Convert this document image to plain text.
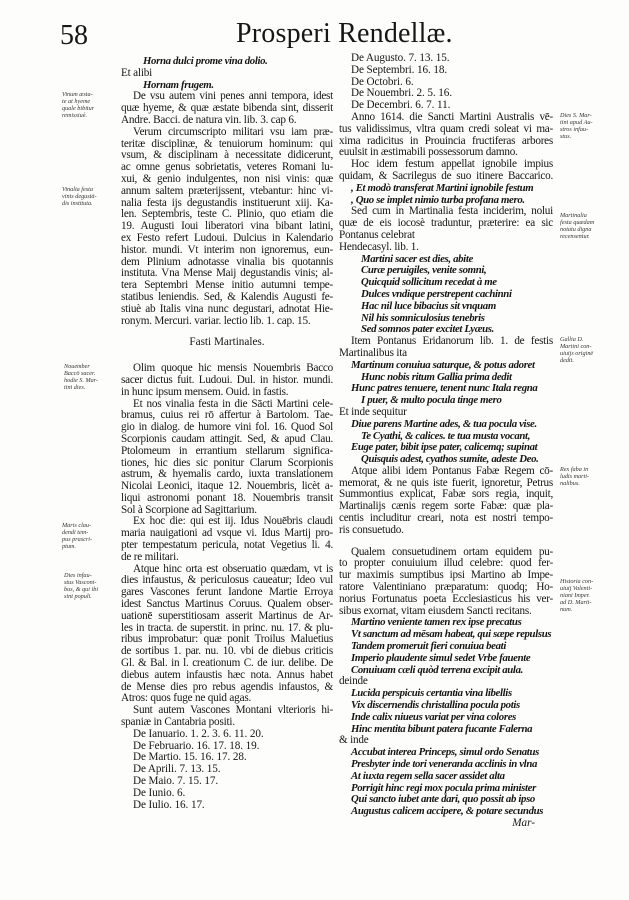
58	Prosperi Rendellæ.
Horna dulci prome vina dolio.
Et alibi
Hornam frugem.
De vsu autem vini penes anni tempora, idest
quæ hyeme, & quæ æstate bibenda sint, disserit
Andre. Bacci. de natura vin. lib. 3. cap 6.
Verum circumscripto militari vsu iam præ-
teritæ disciplinæ, & tenuiorum hominum: qui
vsum, & disciplinam à necessitate didicerunt,
ac omne genus sobrietatis, veteres Romani lu-
xui, & genio indulgentes, non nisi vinis: quæ
annum saltem præterijssent, vtebantur: hinc vi-
nalia festa ijs degustandis instituerunt xiij. Ka-
len. Septembris, teste C. Plinio, quo etiam die
19. Augusti Ioui liberatori vina bibant latini,
ex Festo refert Ludoui. Dulcius in Kalendario
histor. mundi. Vt interim non ignoremus, eun-
dem Plinium adnotasse vinalia bis quotannis
instituta. Vna Mense Maij degustandis vinis; al-
tera Septembri Mense initio autumni tempe-
statibus leniendis. Sed, & Kalendis Augusti fe-
stiuè ab Italis vina nunc degustari, adnotat Hie-
ronym. Mercuri. variar. lectio lib. 1. cap. 15.
Fasti Martinales.
Olim quoque hic mensis Nouembris Bacco
sacer dictus fuit. Ludoui. Dul. in histor. mundi.
in hunc ipsum mensem. Ouid. in fastis.
Et nos vinalia festa in die Sācti Martini cele-
bramus, cuius rei rō affertur à Bartolom. Tae-
gio in dialog. de humore vini fol. 16. Quod Sol
Scorpionis caudam attingit. Sed, & apud Clau.
Ptolomeum in errantium stellarum significa-
tiones, hic dies sic ponitur Clarum Scorpionis
astrum, & hyemalis cardo, iuxta translationem
Nicolai Leonici, itaque 12. Nouembris, licèt a-
liqui astronomi ponant 18. Nouembris transit
Sol à Scorpione ad Sagittarium.
Ex hoc die: qui est iij. Idus Nouēbris claudi
maria nauigationi ad vsque vi. Idus Martij pro-
pter tempestatum pericula, notat Vegetius li. 4.
de re militari.
Atque hinc orta est obseruatio quædam, vt is
dies infaustus, & periculosus caueatur; Ideo vul
gares Vascones ferunt Iandone Martie Erroya
idest Sanctus Martinus Coruus. Qualem obser-
uationē superstitiosam asserit Martinus de Ar-
les in tracta. de superstit. in princ. nu. 17. & plu-
ribus improbatur: quæ ponit Troilus Maluetius
de sortibus 1. par. nu. 10. vbi de diebus criticis
Gl. & Bal. in l. creationum C. de iur. delibe. De
diebus autem infaustis hæc nota. Annus habet
de Mense dies pro rebus agendis infaustos, &
Atros: quos fuge ne quid agas.
Sunt autem Vascones Montani vlterioris hi-
spaniæ in Cantabria positi.
De Ianuario. 1. 2. 3. 6. 11. 20.
De Februario. 16. 17. 18. 19.
De Martio. 15. 16. 17. 28.
De Aprili. 7. 13. 15.
De Maio. 7. 15. 17.
De Iunio. 6.
De Iulio. 16. 17.
De Augusto. 7. 13. 15.
De Septembri. 16. 18.
De Octobri. 6.
De Nouembri. 2. 5. 16.
De Decembri. 6. 7. 11.
Anno 1614. die Sancti Martini Australis vē-
tus validissimus, vltra quam credi soleat vi ma-
xima radicitus in Prouincia fructiferas arbores
euulsit in æstimabili possessorum damno.
Hoc idem festum appellat ignobile impius
quidam, & Sacrilegus de suo itinere Baccarico.
, Et modò transferat Martini ignobile festum
, Quo se implet nimio turba profana mero.
Sed cum in Martinalia festa inciderim, nolui
quæ de eis iocosè traduntur, præterire: ea sic
Pontanus celebrat
Hendecasyl. lib. 1.
Martini sacer est dies, abite
Curæ peruigiles, venite somni,
Quicquid sollicitum recedat à me
Dulces vndique perstrepent cachinni
Hac nil luce bibacius sit vnquam
Nil his somniculosius tenebris
Sed somnos pater excitet Lyæus.
Item Pontanus Eridanorum lib. 1. de festis
Martinalibus ita
Martinum conuiua saturque, & potus adoret
Hunc nobis ritum Gallia prima dedit
Hunc patres tenuere, tenent nunc Itala regna
I puer, & multo pocula tinge mero
Et inde sequitur
Diue parens Martine ades, & tua pocula vise.
Te Cyathi, & calices. te tua musta vocant,
Euge pater, bibit ipse pater, calicemq; supinat
Quisquis adest, cyathos sumite, adeste Deo.
Atque alibi idem Pontanus Fabæ Regem cō-
memorat, & ne quis iste fuerit, ignoretur, Petrus
Summontius explicat, Fabæ sors regia, inquit,
Martinalijs cænis regem sorte Fabæ: quæ pla-
centis includitur creari, nota est nostri tempo-
ris consuetudo.
Qualem consuetudinem ortam equidem pu-
to propter conuiuium illud celebre: quod fer-
tur maximis sumptibus ipsi Martino ab Impe-
ratore Valentiniano præparatum: quodq; Ho-
norius Fortunatus poeta Ecclesiasticus his ver-
sibus exornat, vitam eiusdem Sancti recitans.
Martino veniente tamen rex ipse precatus
Vt sanctum ad mēsam habeat, qui sæpe repulsus
Tandem promeruit fieri conuiua beati
Imperio plaudente simul sedet Vrbe fauente
Conuiuam cæli quòd terrena excipit aula.
deinde
Lucida perspicuis certantia vina libellis
Vix discernendis christallina pocula potis
Inde calix niueus variat per vina colores
Hinc mentita bibunt patera fucante Falerna
& inde
Accubat interea Princeps, simul ordo Senatus
Presbyter inde tori veneranda acclinis in vlna
At iuxta regem sella sacer assidet alta
Porrigit hinc regi mox pocula prima minister
Qui sancto iubet ante dari, quo possit ab ipso
Augustus calicem accipere, & potare secundus
Mar-
Vinum æsta-
te at hyeme
quale bibitur
remissiuè.
Vinalia festa
vinis degustā-
dis instituta.
Nouember
Baccō sacer.
hodie S. Mar-
tini dies.
Maris clau-
dendi tem-
pus prascri-
ptum.
Dies infau-
stus Vasconi-
bus, & qui ibi
sint populi.
Dies S. Mar-
tini apud Au-
stros infau-
stus.
Martinalia
festa quædam
notatu digna
recensentur.
Gallia D.
Martini con-
uiuijs originē
dedit.
Rex faba in
ludis marti-
nalibus.
Historia con-
uiuij Valenti-
niani Imper.
ad D. Marti-
num.
